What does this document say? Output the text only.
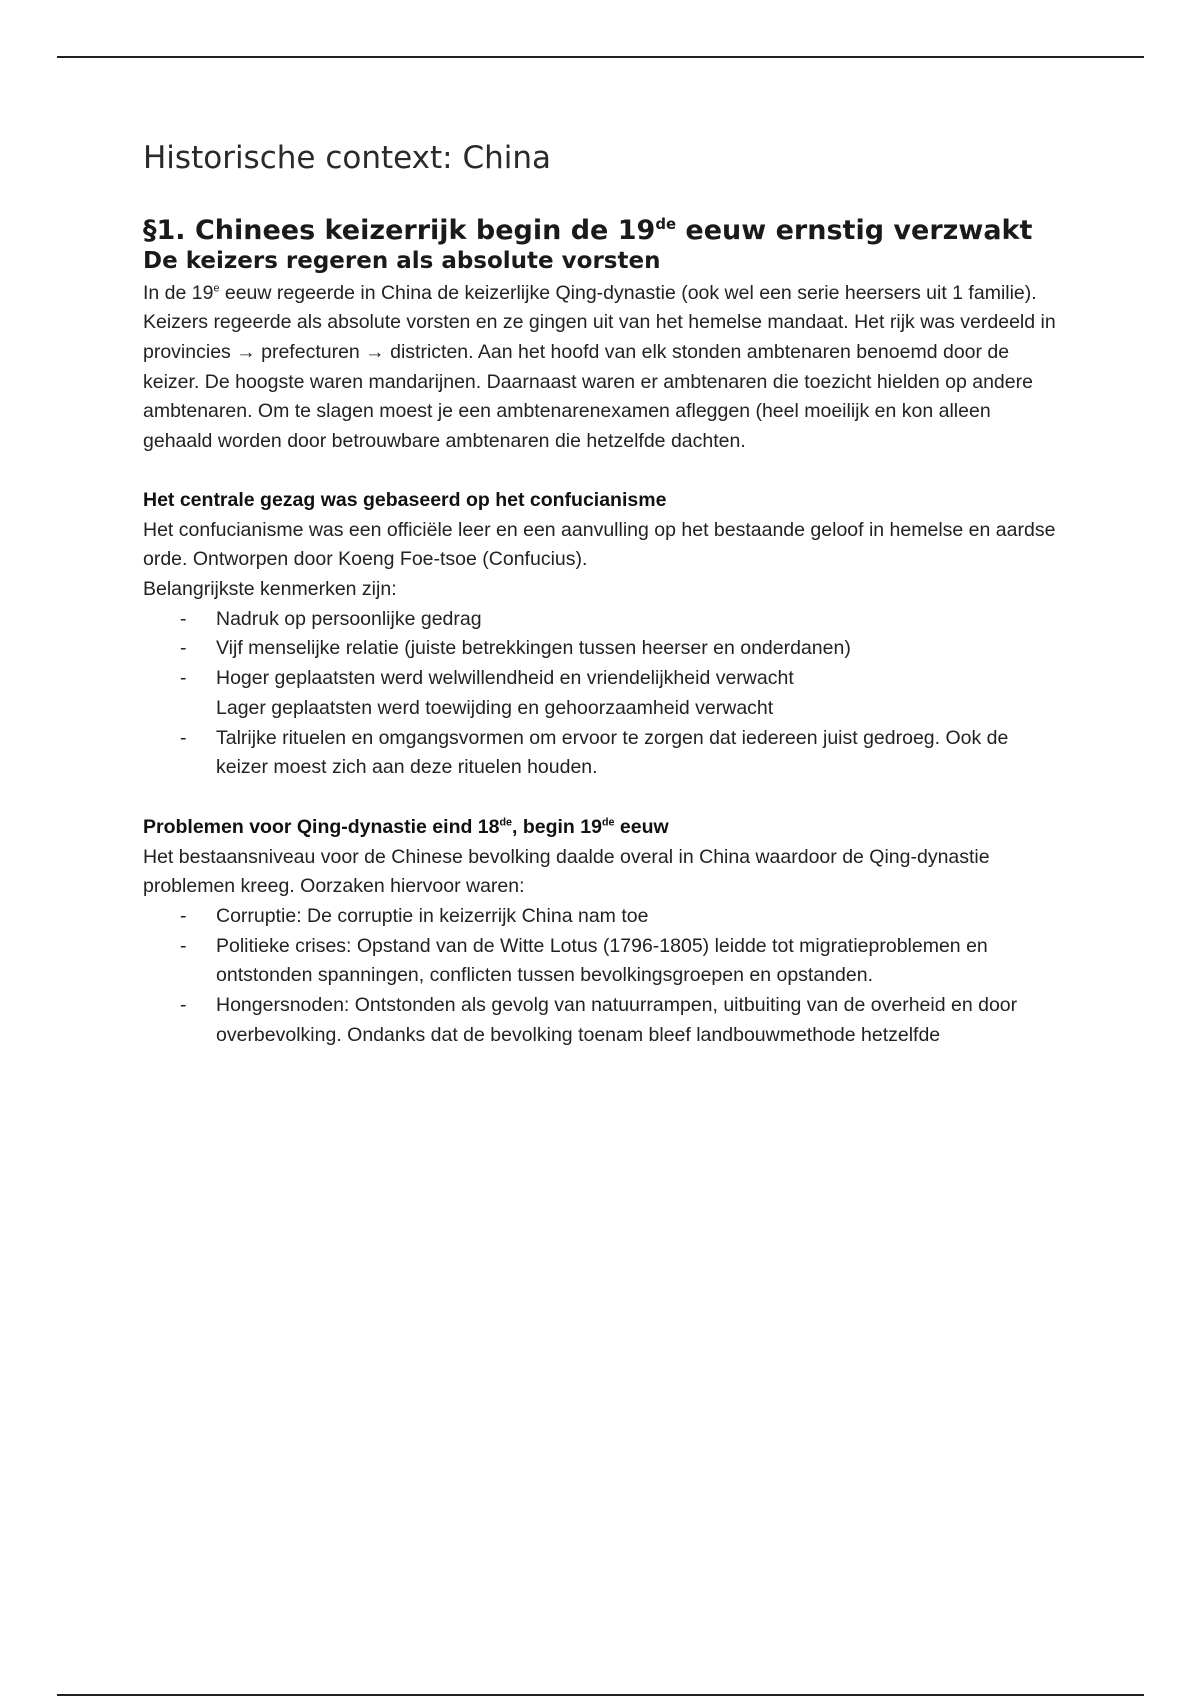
Historische context: China
§1. Chinees keizerrijk begin de 19de eeuw ernstig verzwakt
De keizers regeren als absolute vorsten

In de 19e eeuw regeerde in China de keizerlijke Qing-dynastie (ook wel een serie heersers uit 1 familie). Keizers regeerde als absolute vorsten en ze gingen uit van het hemelse mandaat. Het rijk was verdeeld in provincies → prefecturen → districten. Aan het hoofd van elk stonden ambtenaren benoemd door de keizer. De hoogste waren mandarijnen. Daarnaast waren er ambtenaren die toezicht hielden op andere ambtenaren. Om te slagen moest je een ambtenarenexamen afleggen (heel moeilijk en kon alleen gehaald worden door betrouwbare ambtenaren die hetzelfde dachten.

Het centrale gezag was gebaseerd op het confucianisme

Het confucianisme was een officiële leer en een aanvulling op het bestaande geloof in hemelse en aardse orde. Ontworpen door Koeng Foe-tsoe (Confucius).

Belangrijkste kenmerken zijn:

- Nadruk op persoonlijke gedrag
- Vijf menselijke relatie (juiste betrekkingen tussen heerser en onderdanen)
- Hoger geplaatsten werd welwillendheid en vriendelijkheid verwacht
Lager geplaatsten werd toewijding en gehoorzaamheid verwacht
- Talrijke rituelen en omgangsvormen om ervoor te zorgen dat iedereen juist gedroeg. Ook de keizer moest zich aan deze rituelen houden.

Problemen voor Qing-dynastie eind 18de, begin 19de eeuw

Het bestaansniveau voor de Chinese bevolking daalde overal in China waardoor de Qing-dynastie problemen kreeg. Oorzaken hiervoor waren:

- Corruptie: De corruptie in keizerrijk China nam toe
- Politieke crises: Opstand van de Witte Lotus (1796-1805) leidde tot migratieproblemen en ontstonden spanningen, conflicten tussen bevolkingsgroepen en opstanden.
- Hongersnoden: Ontstonden als gevolg van natuurrampen, uitbuiting van de overheid en door overbevolking. Ondanks dat de bevolking toenam bleef landbouwmethode hetzelfde
